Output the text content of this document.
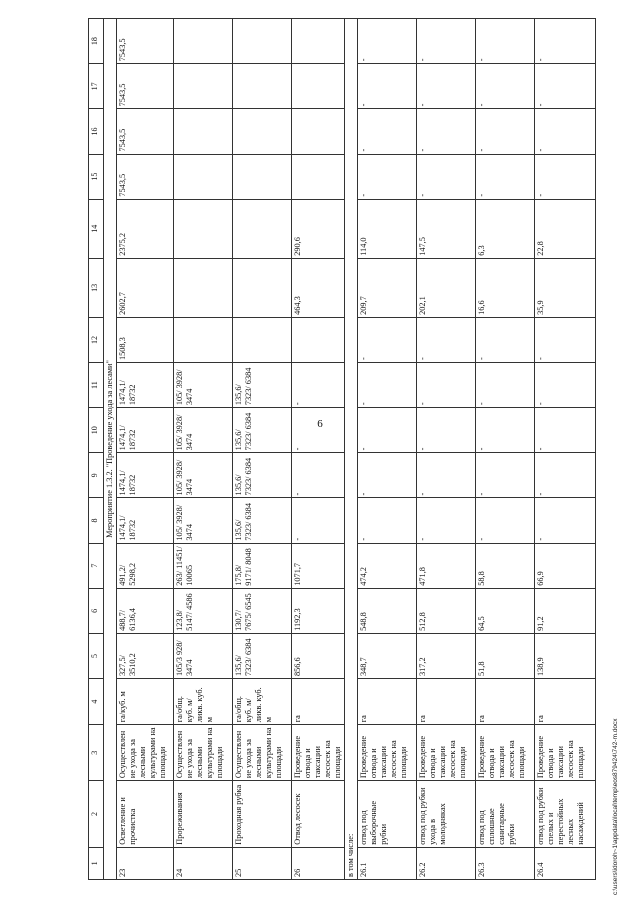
6
1	2	3	4	5	6	7	8	9	10	11	12	13	14	15	16	17	18
Мероприятие 1.3.2. "Проведение ухода за лесами"																	
23	Осветление и прочистка	Осуществление ухода за лесными культурами на площади	га/куб. м	327,5/ 3510,2	488,7/ 6136,4	491,2/ 5298,2	1474,1/ 18732	1474,1/ 18732	1474,1/ 18732	1474,1/ 18732	1508,3	2602,7	2375,2	7543,5	7543,5	7543,5	7543,5
24	Прореживания	Осуществление ухода за лесными культурами на площади	га/общ. куб. м/ликв. куб. м	105/3 928/ 3474	123,8/ 5147/ 4586	263/ 11451/ 10065	105/ 3928/ 3474	105/ 3928/ 3474	105/ 3928/ 3474	105/ 3928/ 3474							
25	Проходная рубка	Осуществление ухода за лесными культурами на площади	га/общ. куб. м/ликв. куб. м	135,6/ 7323/ 6384	130,7/ 7675/ 6545	175,8/ 9171/ 8048	135,6/ 7323/ 6384	135,6/ 7323/ 6384	135,6/ 7323/ 6384	135,6/ 7323/ 6384							
26	Отвод лесосек	Проведение отвода и таксации лесосек на площади	га	856,6	1192,3	1071,7	-	-	-	-		464,3	290,6				
в том числе:																	
26.1	отвод под выборочные рубки	Проведение отвода и таксации лесосек на площади	га	348,7	548,8	474,2	-	-	-	-	-	209,7	114,0	-	-	-	-
26.2	отвод под рубки ухода в молодняках	Проведение отвода и таксации лесосек на площади	га	317,2	512,8	471,8	-	-	-	-	-	202,1	147,5	-	-	-	-
26.3	отвод под сплошные санитарные рубки	Проведение отвода и таксации лесосек на площади	га	51,8	64,5	58,8	-	-	-	-	-	16,6	6,3	-	-	-	-
26.4	отвод под рубки спелых и перестойных лесных насаждений	Проведение отвода и таксации лесосек на площади	га	138,9	91,2	66,9	-	-	-	-	-	35,9	22,8	-	-	-	-
c:\users\idoroh~1\appdata\local\temp\eos879424\742-m.docx
